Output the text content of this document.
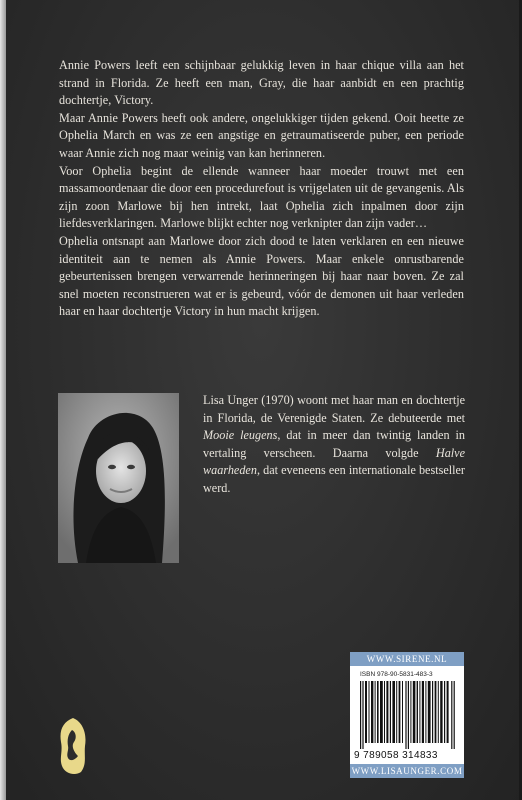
Annie Powers leeft een schijnbaar gelukkig leven in haar chique villa aan het strand in Florida. Ze heeft een man, Gray, die haar aanbidt en een prachtig dochtertje, Victory.

Maar Annie Powers heeft ook andere, ongelukkiger tijden gekend. Ooit heette ze Ophelia March en was ze een angstige en getraumatiseerde puber, een periode waar Annie zich nog maar weinig van kan herinneren.

Voor Ophelia begint de ellende wanneer haar moeder trouwt met een massamoordenaar die door een procedurefout is vrijgelaten uit de gevangenis. Als zijn zoon Marlowe bij hen intrekt, laat Ophelia zich inpalmen door zijn liefdesverklaringen. Marlowe blijkt echter nog verknipter dan zijn vader…

Ophelia ontsnapt aan Marlowe door zich dood te laten verklaren en een nieuwe identiteit aan te nemen als Annie Powers. Maar enkele onrustbarende gebeurtenissen brengen verwarrende herinneringen bij haar naar boven. Ze zal snel moeten reconstrueren wat er is gebeurd, vóór de demonen uit haar verleden haar en haar dochtertje Victory in hun macht krijgen.

Lisa Unger (1970) woont met haar man en dochtertje in Florida, de Verenigde Staten. Ze debuteerde met Mooie leugens, dat in meer dan twintig landen in vertaling verscheen. Daarna volgde Halve waarheden, dat eveneens een internationale bestseller werd.

WWW.SIRENE.NL
ISBN 978-90-5831-483-3
9 789058 314833
WWW.LISAUNGER.COM
